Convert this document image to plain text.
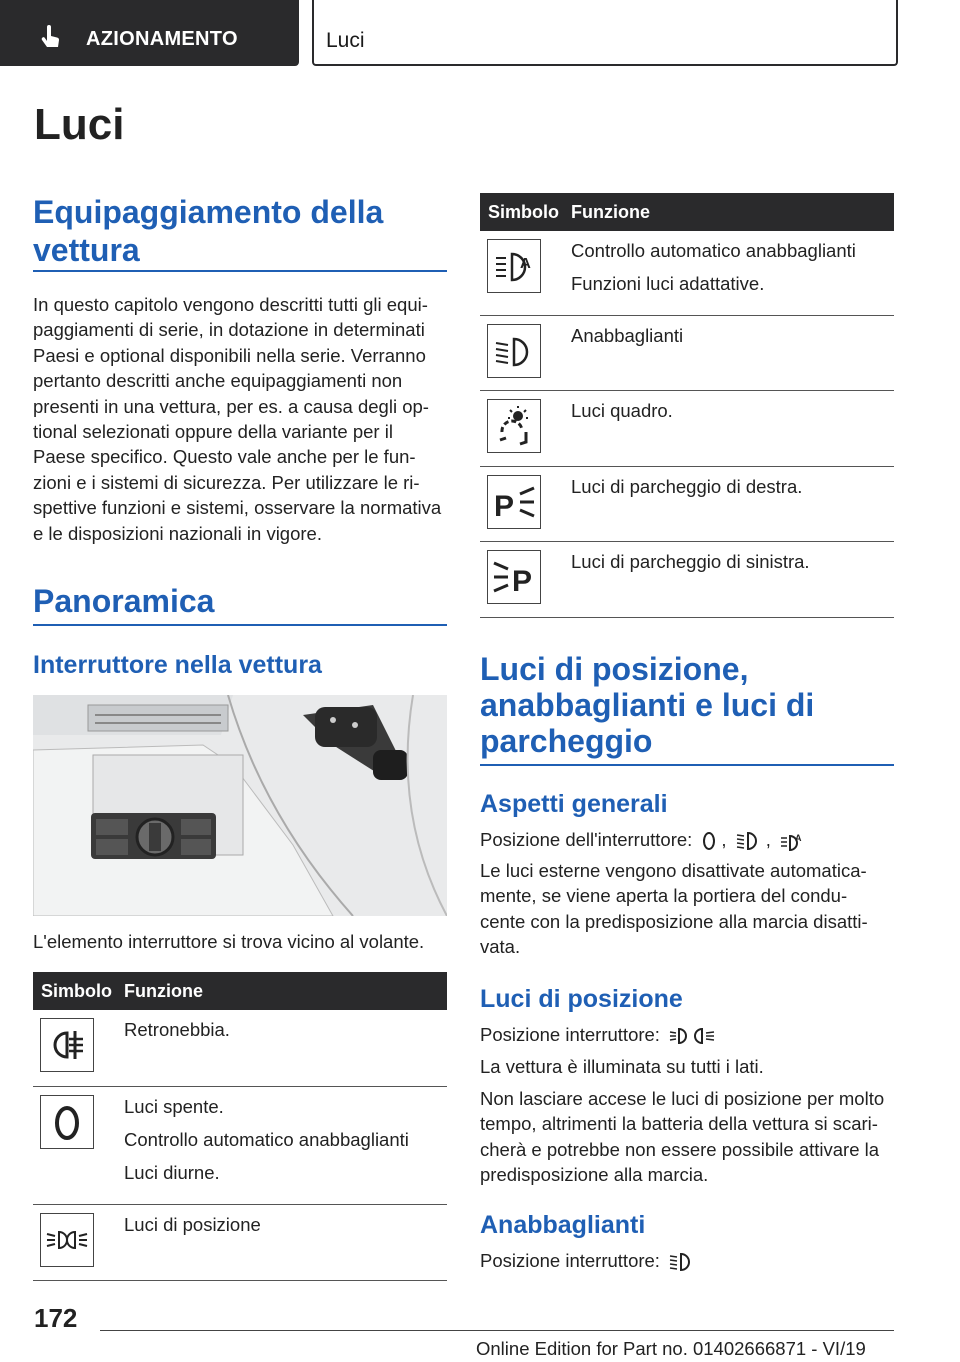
AZIONAMENTO	Luci
Luci
Equipaggiamento della vettura
In questo capitolo vengono descritti tutti gli equi-
paggiamenti di serie, in dotazione in determinati
Paesi e optional disponibili nella serie. Verranno
pertanto descritti anche equipaggiamenti non
presenti in una vettura, per es. a causa degli op-
tional selezionati oppure della variante per il
Paese specifico. Questo vale anche per le fun-
zioni e i sistemi di sicurezza. Per utilizzare le ri-
spettive funzioni e sistemi, osservare la normativa
e le disposizioni nazionali in vigore.
Panoramica
Interruttore nella vettura
L'elemento interruttore si trova vicino al volante.
Simbolo	Funzione

Retronebbia.

Luci spente.
Controllo automatico anabbaglianti
Luci diurne.

Luci di posizione
Simbolo	Funzione

A	Controllo automatico anabbaglianti
Funzioni luci adattative.

Anabbaglianti

Luci quadro.

P	Luci di parcheggio di destra.

P	Luci di parcheggio di sinistra.
Luci di posizione, anabbaglianti e luci di parcheggio
Aspetti generali
Posizione dell'interruttore: , , A
Le luci esterne vengono disattivate automatica-
mente, se viene aperta la portiera del condu-
cente con la predisposizione alla marcia disatti-
vata.
Luci di posizione
Posizione interruttore:
La vettura è illuminata su tutti i lati.
Non lasciare accese le luci di posizione per molto
tempo, altrimenti la batteria della vettura si scari-
cherà e potrebbe non essere possibile attivare la
predisposizione alla marcia.
Anabbaglianti
Posizione interruttore:
172
Online Edition for Part no. 01402666871 - VI/19
